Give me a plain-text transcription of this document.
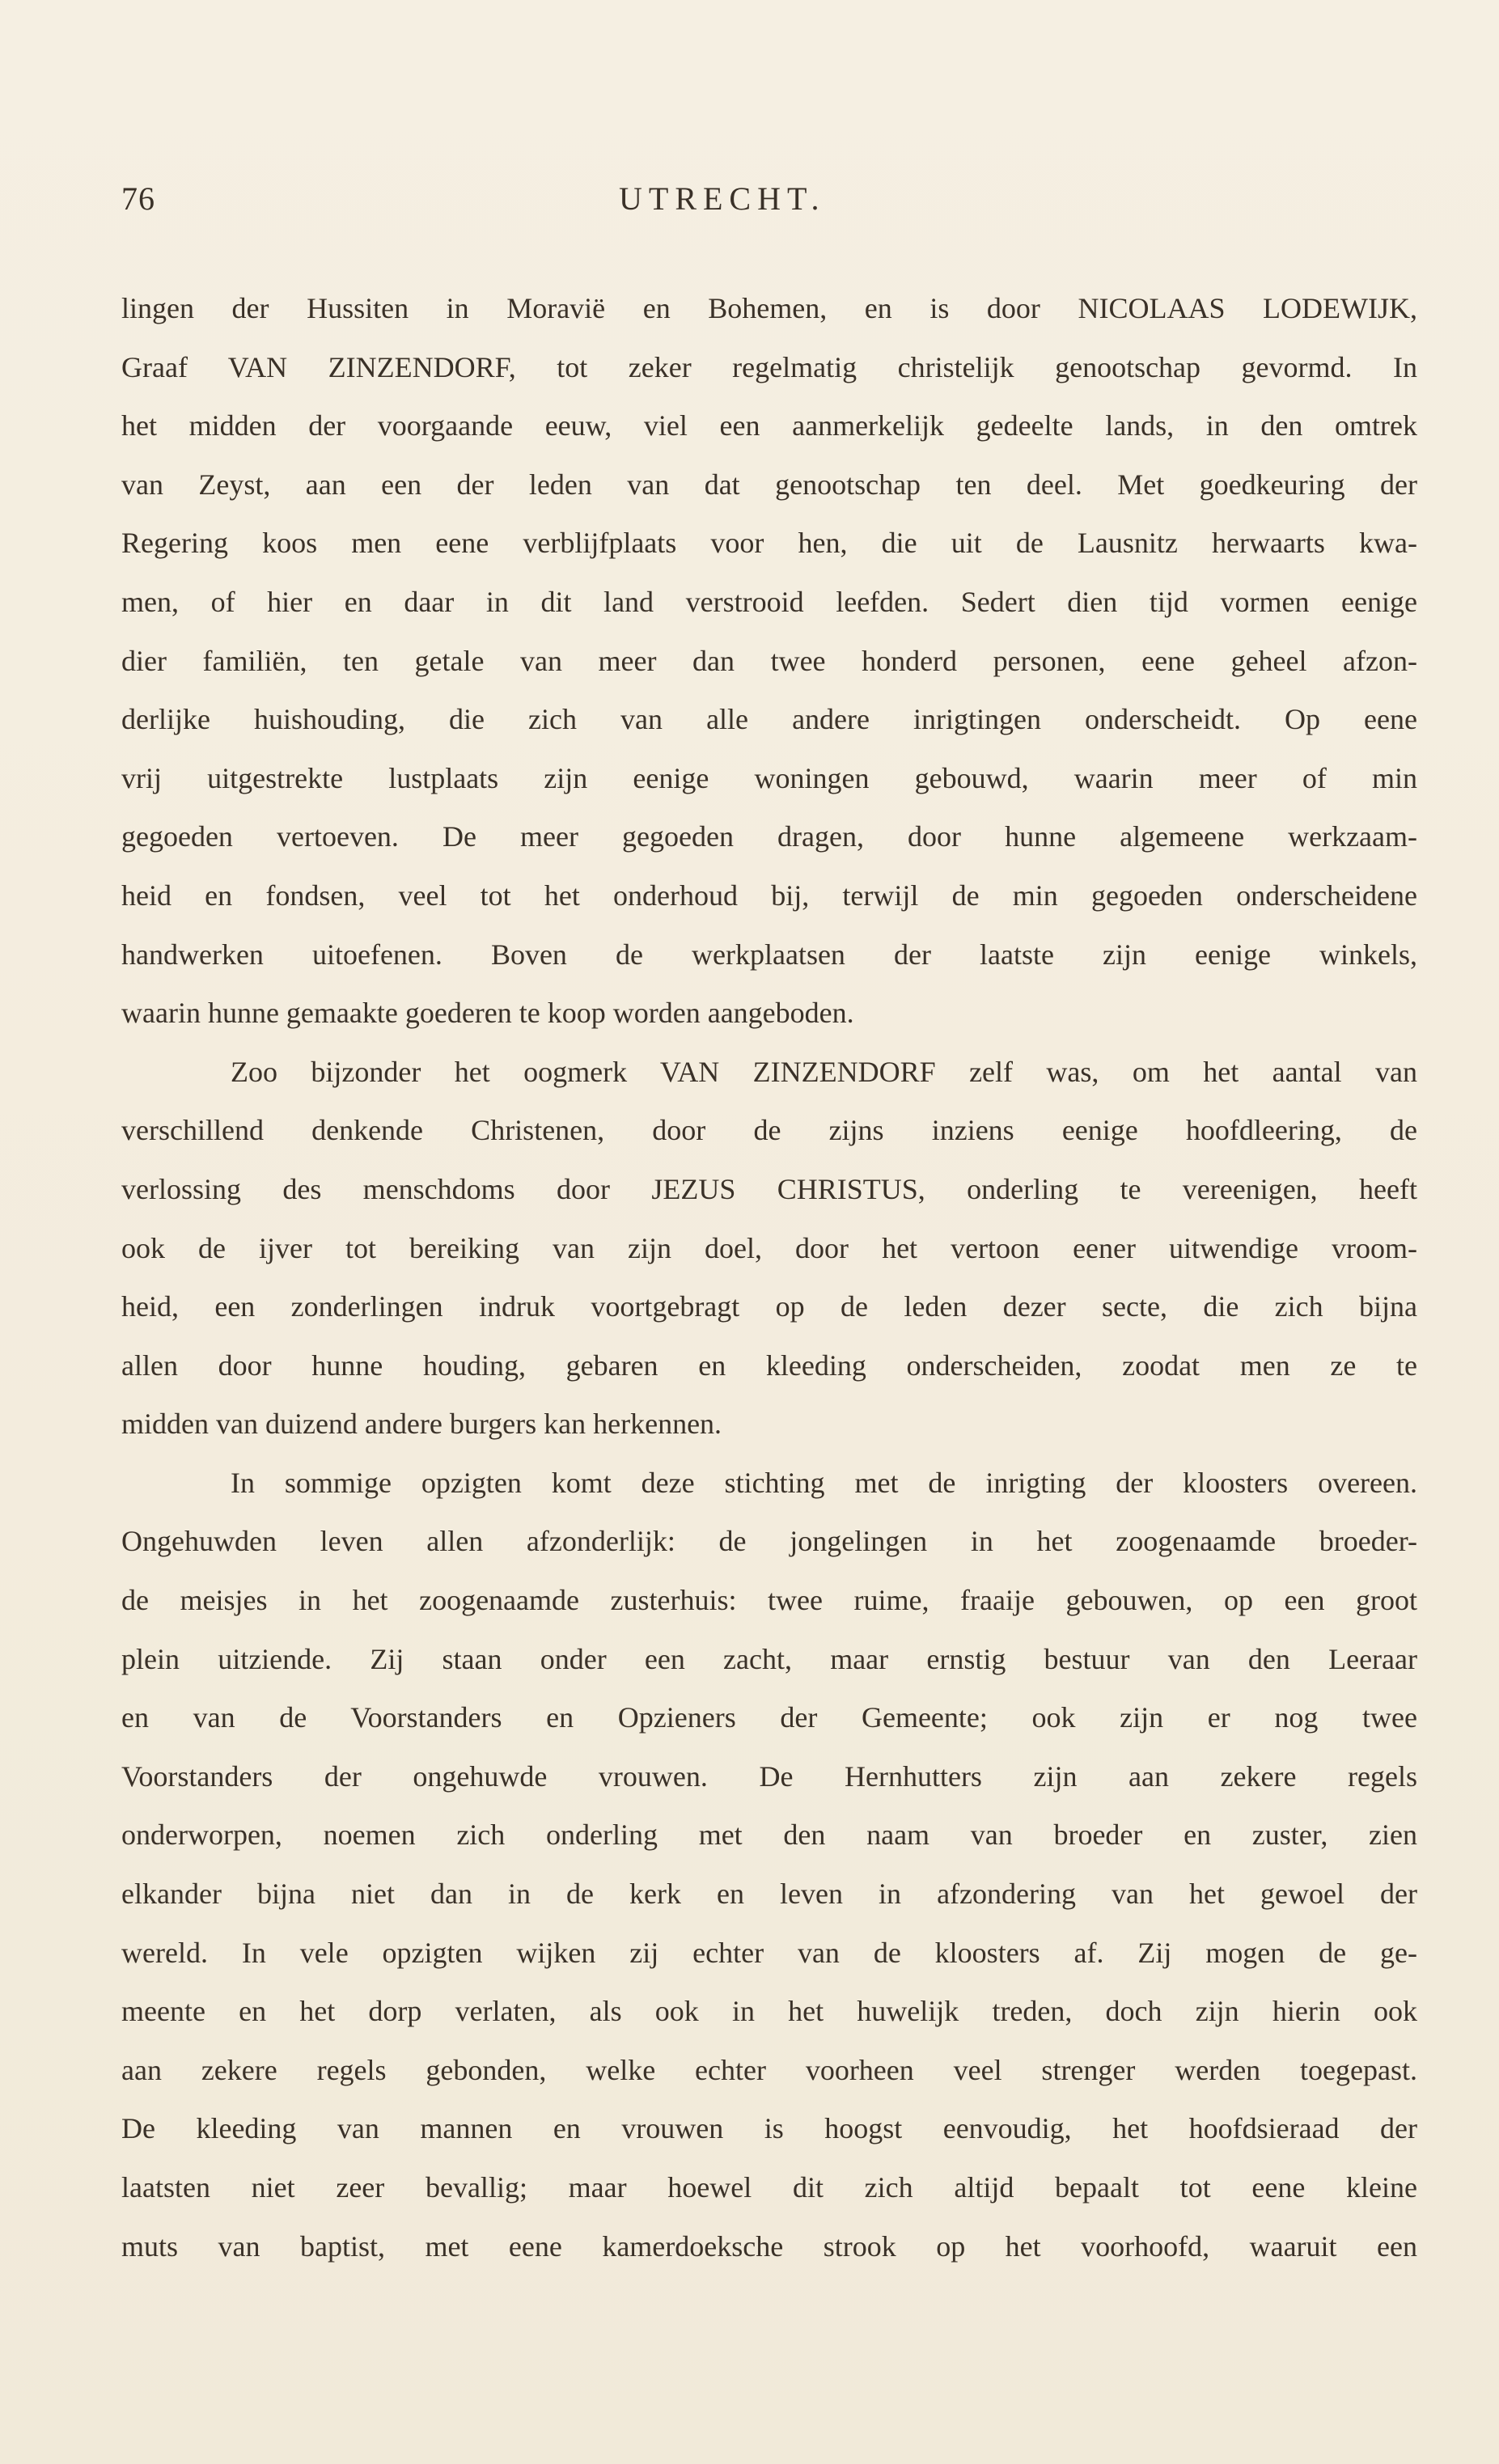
76	UTRECHT.
lingen der Hussiten in Moravië en Bohemen, en is door NICOLAAS LODEWIJK,
Graaf VAN ZINZENDORF, tot zeker regelmatig christelijk genootschap gevormd. In
het midden der voorgaande eeuw, viel een aanmerkelijk gedeelte lands, in den omtrek
van Zeyst, aan een der leden van dat genootschap ten deel. Met goedkeuring der
Regering koos men eene verblijfplaats voor hen, die uit de Lausnitz herwaarts kwa-
men, of hier en daar in dit land verstrooid leefden. Sedert dien tijd vormen eenige
dier familiën, ten getale van meer dan twee honderd personen, eene geheel afzon-
derlijke huishouding, die zich van alle andere inrigtingen onderscheidt. Op eene
vrij uitgestrekte lustplaats zijn eenige woningen gebouwd, waarin meer of min
gegoeden vertoeven. De meer gegoeden dragen, door hunne algemeene werkzaam-
heid en fondsen, veel tot het onderhoud bij, terwijl de min gegoeden onderscheidene
handwerken uitoefenen. Boven de werkplaatsen der laatste zijn eenige winkels,
waarin hunne gemaakte goederen te koop worden aangeboden.
Zoo bijzonder het oogmerk VAN ZINZENDORF zelf was, om het aantal van
verschillend denkende Christenen, door de zijns inziens eenige hoofdleering, de
verlossing des menschdoms door JEZUS CHRISTUS, onderling te vereenigen, heeft
ook de ijver tot bereiking van zijn doel, door het vertoon eener uitwendige vroom-
heid, een zonderlingen indruk voortgebragt op de leden dezer secte, die zich bijna
allen door hunne houding, gebaren en kleeding onderscheiden, zoodat men ze te
midden van duizend andere burgers kan herkennen.
In sommige opzigten komt deze stichting met de inrigting der kloosters overeen.
Ongehuwden leven allen afzonderlijk: de jongelingen in het zoogenaamde broeder-
de meisjes in het zoogenaamde zusterhuis: twee ruime, fraaije gebouwen, op een groot
plein uitziende. Zij staan onder een zacht, maar ernstig bestuur van den Leeraar
en van de Voorstanders en Opzieners der Gemeente; ook zijn er nog twee
Voorstanders der ongehuwde vrouwen. De Hernhutters zijn aan zekere regels
onderworpen, noemen zich onderling met den naam van broeder en zuster, zien
elkander bijna niet dan in de kerk en leven in afzondering van het gewoel der
wereld. In vele opzigten wijken zij echter van de kloosters af. Zij mogen de ge-
meente en het dorp verlaten, als ook in het huwelijk treden, doch zijn hierin ook
aan zekere regels gebonden, welke echter voorheen veel strenger werden toegepast.
De kleeding van mannen en vrouwen is hoogst eenvoudig, het hoofdsieraad der
laatsten niet zeer bevallig; maar hoewel dit zich altijd bepaalt tot eene kleine
muts van baptist, met eene kamerdoeksche strook op het voorhoofd, waaruit een
